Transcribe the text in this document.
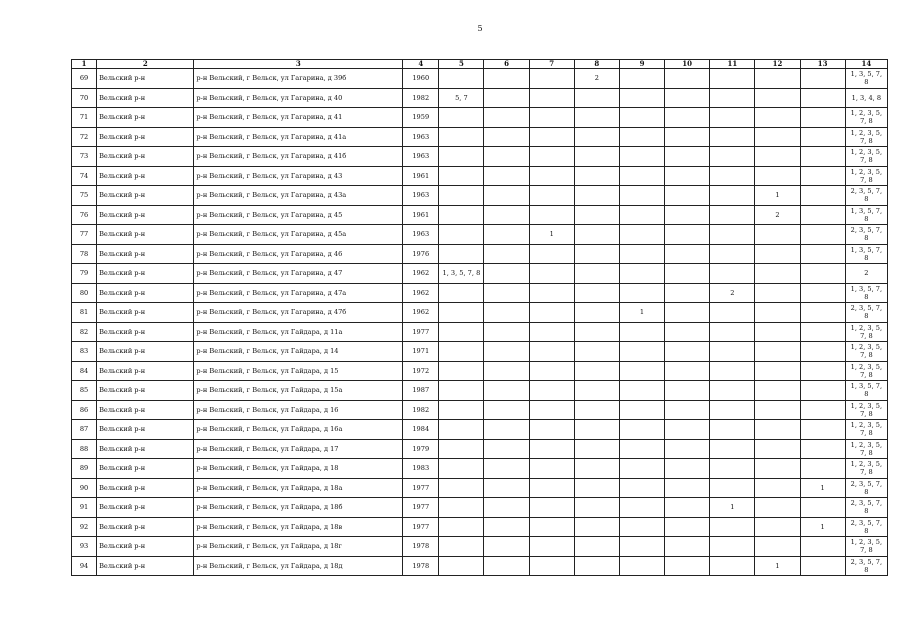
5
1	2	3	4	5	6	7	8	9	10	11	12	13	14
69	Вельский р-н	р-н Вельский, г Вельск, ул Гагарина, д 39б	1960				2						1, 3, 5, 7, 8
70	Вельский р-н	р-н Вельский, г Вельск, ул Гагарина, д 40	1982	5, 7									1, 3, 4, 8
71	Вельский р-н	р-н Вельский, г Вельск, ул Гагарина, д 41	1959										1, 2, 3, 5, 7, 8
72	Вельский р-н	р-н Вельский, г Вельск, ул Гагарина, д 41а	1963										1, 2, 3, 5, 7, 8
73	Вельский р-н	р-н Вельский, г Вельск, ул Гагарина, д 41б	1963										1, 2, 3, 5, 7, 8
74	Вельский р-н	р-н Вельский, г Вельск, ул Гагарина, д 43	1961										1, 2, 3, 5, 7, 8
75	Вельский р-н	р-н Вельский, г Вельск, ул Гагарина, д 43а	1963								1		2, 3, 5, 7, 8
76	Вельский р-н	р-н Вельский, г Вельск, ул Гагарина, д 45	1961								2		1, 3, 5, 7, 8
77	Вельский р-н	р-н Вельский, г Вельск, ул Гагарина, д 45а	1963			1							2, 3, 5, 7, 8
78	Вельский р-н	р-н Вельский, г Вельск, ул Гагарина, д 46	1976										1, 3, 5, 7, 8
79	Вельский р-н	р-н Вельский, г Вельск, ул Гагарина, д 47	1962	1, 3, 5, 7, 8									2
80	Вельский р-н	р-н Вельский, г Вельск, ул Гагарина, д 47а	1962							2			1, 3, 5, 7, 8
81	Вельский р-н	р-н Вельский, г Вельск, ул Гагарина, д 47б	1962					1					2, 3, 5, 7, 8
82	Вельский р-н	р-н Вельский, г Вельск, ул Гайдара, д 11а	1977										1, 2, 3, 5, 7, 8
83	Вельский р-н	р-н Вельский, г Вельск, ул Гайдара, д 14	1971										1, 2, 3, 5, 7, 8
84	Вельский р-н	р-н Вельский, г Вельск, ул Гайдара, д 15	1972										1, 2, 3, 5, 7, 8
85	Вельский р-н	р-н Вельский, г Вельск, ул Гайдара, д 15а	1987										1, 3, 5, 7, 8
86	Вельский р-н	р-н Вельский, г Вельск, ул Гайдара, д 16	1982										1, 2, 3, 5, 7, 8
87	Вельский р-н	р-н Вельский, г Вельск, ул Гайдара, д 16а	1984										1, 2, 3, 5, 7, 8
88	Вельский р-н	р-н Вельский, г Вельск, ул Гайдара, д 17	1979										1, 2, 3, 5, 7, 8
89	Вельский р-н	р-н Вельский, г Вельск, ул Гайдара, д 18	1983										1, 2, 3, 5, 7, 8
90	Вельский р-н	р-н Вельский, г Вельск, ул Гайдара, д 18а	1977									1	2, 3, 5, 7, 8
91	Вельский р-н	р-н Вельский, г Вельск, ул Гайдара, д 18б	1977							1			2, 3, 5, 7, 8
92	Вельский р-н	р-н Вельский, г Вельск, ул Гайдара, д 18в	1977									1	2, 3, 5, 7, 8
93	Вельский р-н	р-н Вельский, г Вельск, ул Гайдара, д 18г	1978										1, 2, 3, 5, 7, 8
94	Вельский р-н	р-н Вельский, г Вельск, ул Гайдара, д 18д	1978								1		2, 3, 5, 7, 8
